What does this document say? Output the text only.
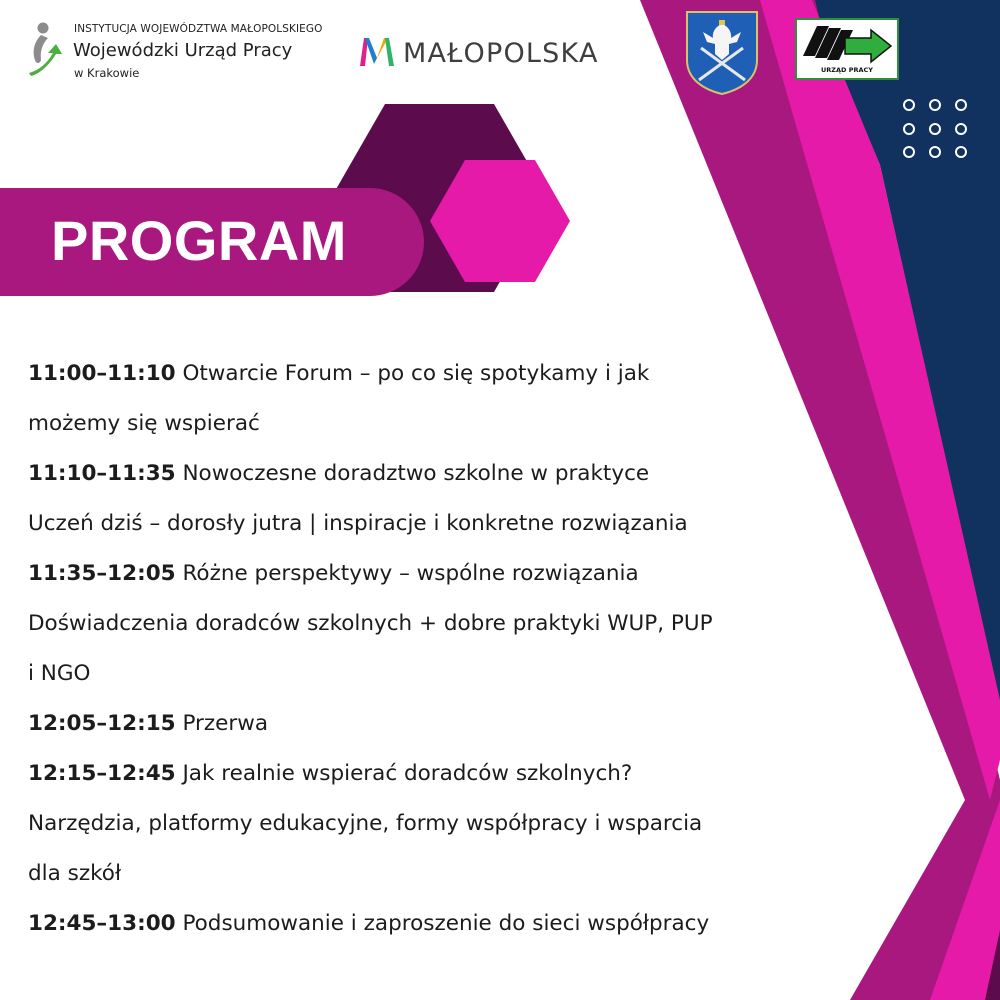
INSTYTUCJA WOJEWÓDZTWA MAŁOPOLSKIEGO
Wojewódzki Urząd Pracy
w Krakowie
MAŁOPOLSKA
URZĄD PRACY
PROGRAM
11:00–11:10 Otwarcie Forum – po co się spotykamy i jak
możemy się wspierać
11:10–11:35 Nowoczesne doradztwo szkolne w praktyce
Uczeń dziś – dorosły jutra | inspiracje i konkretne rozwiązania
11:35–12:05 Różne perspektywy – wspólne rozwiązania
Doświadczenia doradców szkolnych + dobre praktyki WUP, PUP
i NGO
12:05–12:15 Przerwa
12:15–12:45 Jak realnie wspierać doradców szkolnych?
Narzędzia, platformy edukacyjne, formy współpracy i wsparcia
dla szkół
12:45–13:00 Podsumowanie i zaproszenie do sieci współpracy
